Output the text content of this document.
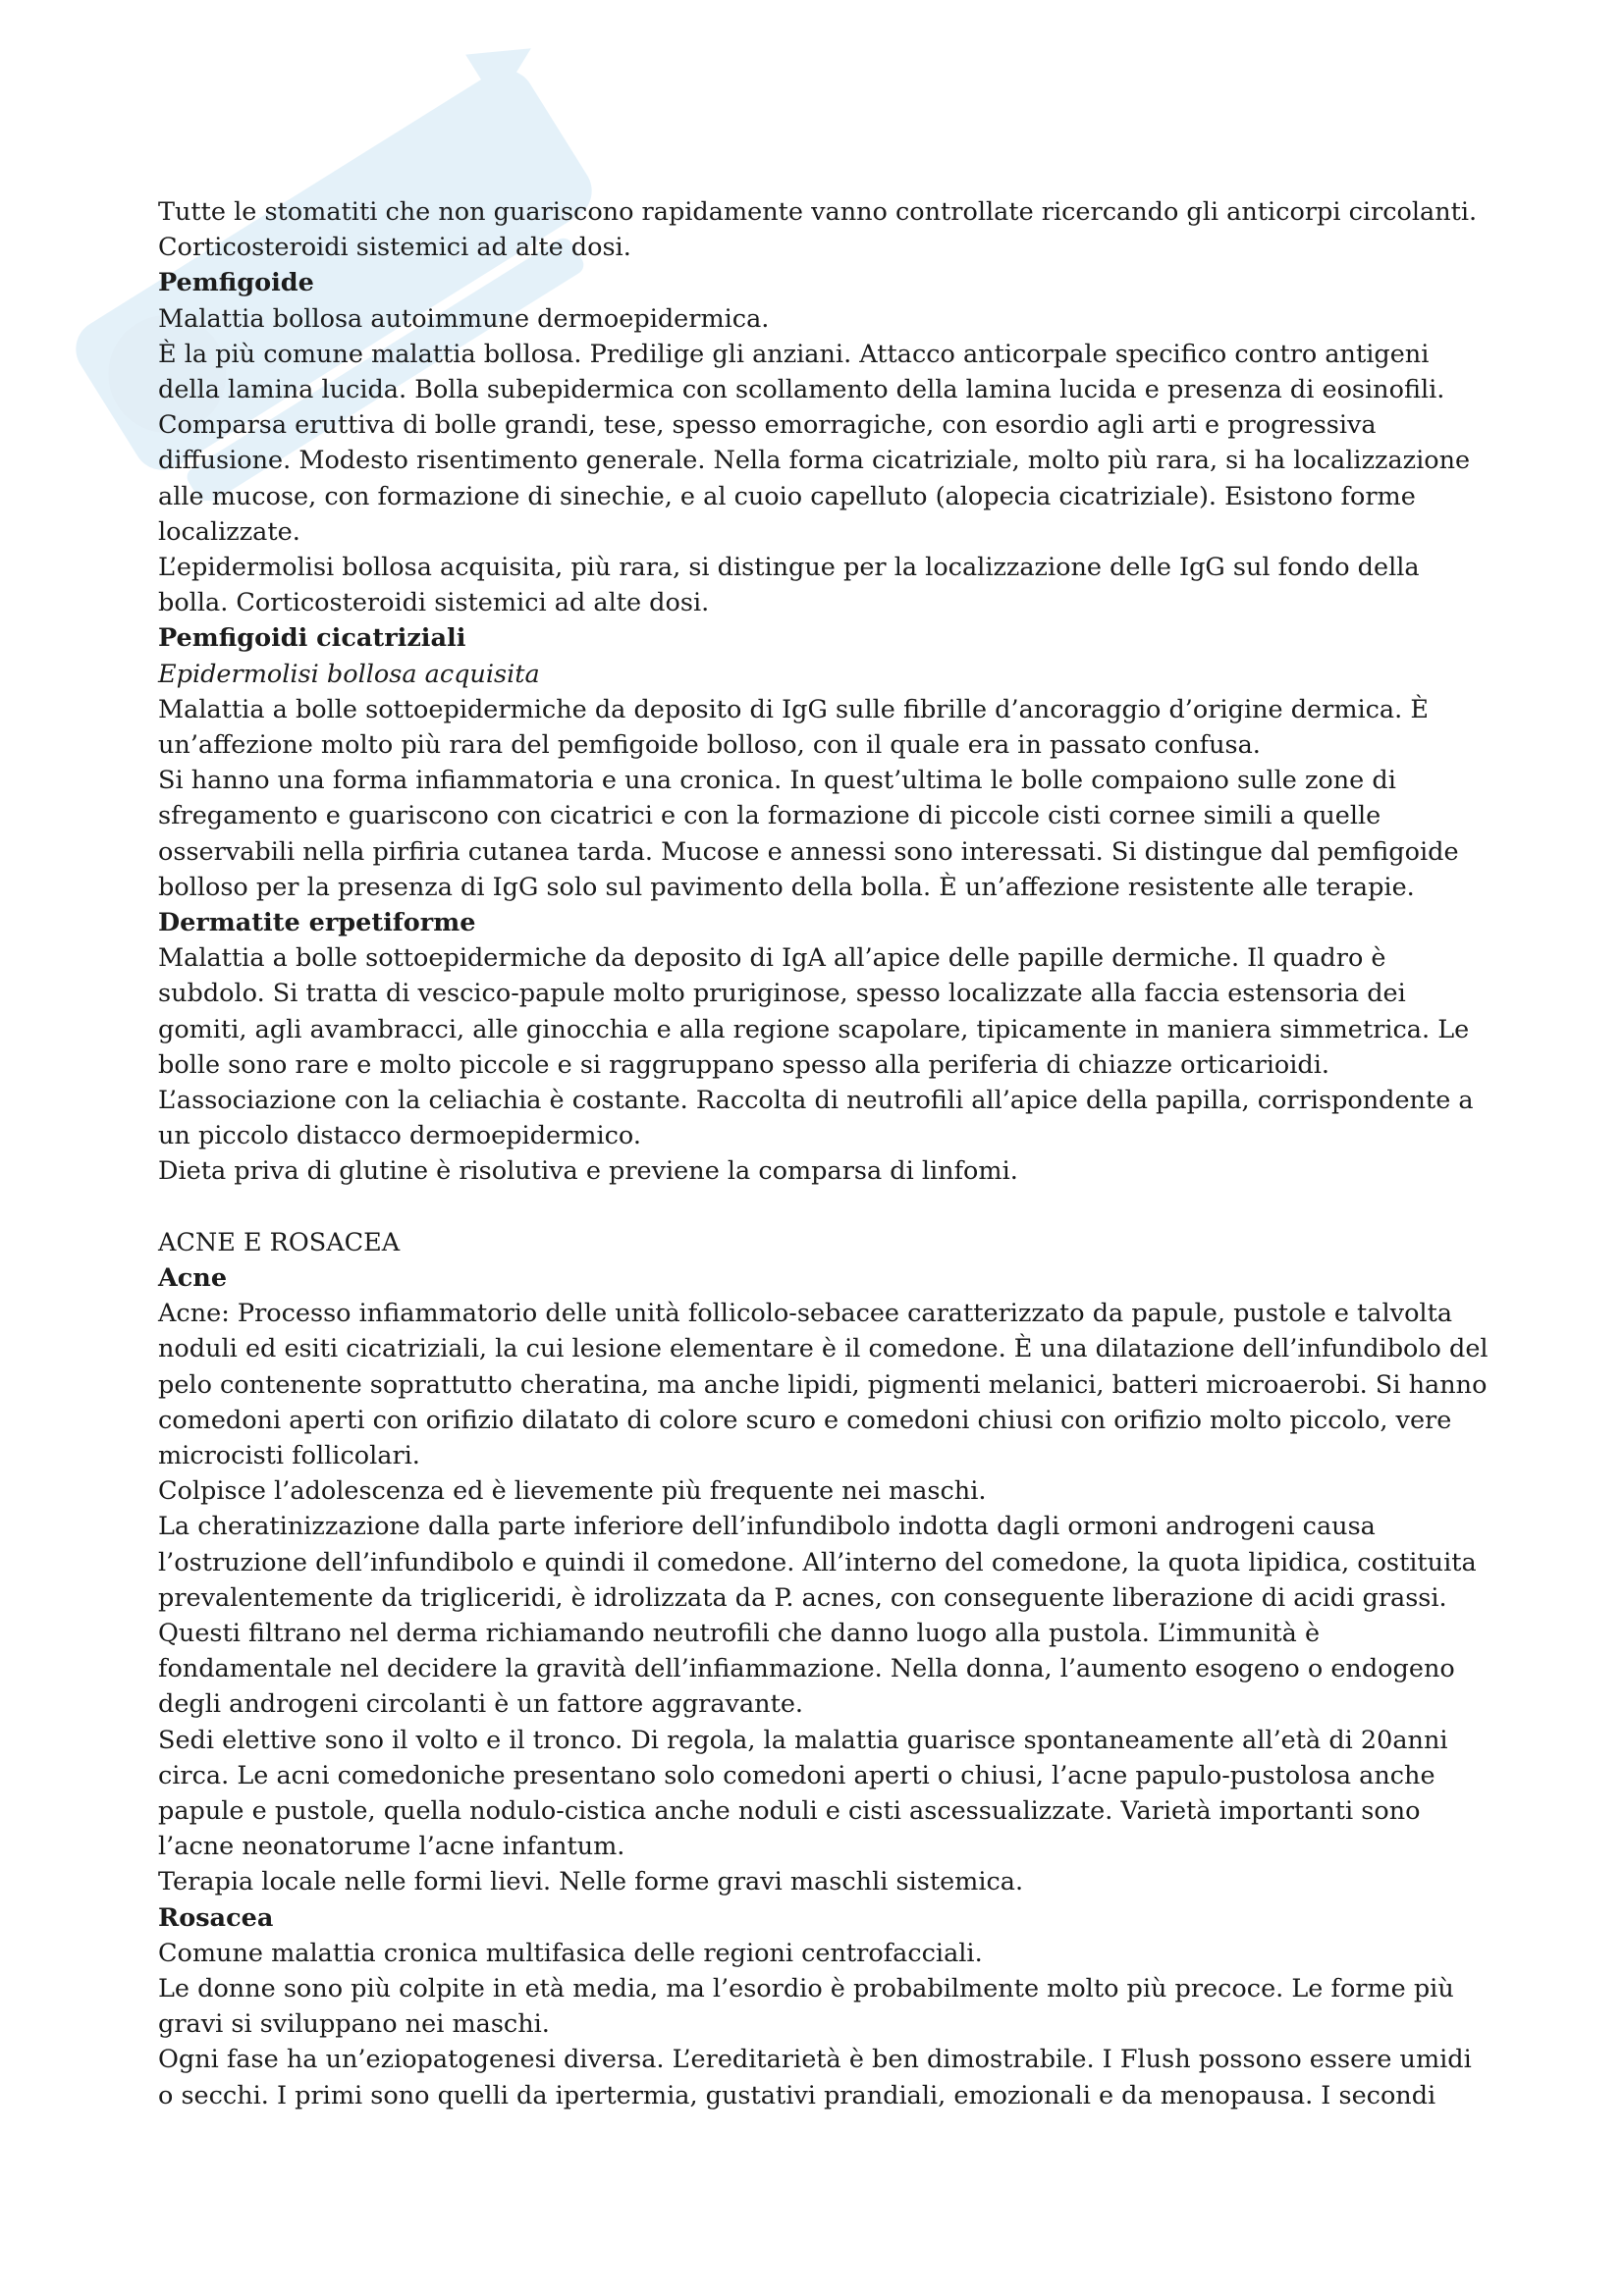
Tutte le stomatiti che non guariscono rapidamente vanno controllate ricercando gli anticorpi circolanti. Corticosteroidi sistemici ad alte dosi.

Pemfigoide

Malattia bollosa autoimmune dermoepidermica.

È la più comune malattia bollosa. Predilige gli anziani. Attacco anticorpale specifico contro antigeni della lamina lucida. Bolla subepidermica con scollamento della lamina lucida e presenza di eosinofili. Comparsa eruttiva di bolle grandi, tese, spesso emorragiche, con esordio agli arti e progressiva diffusione. Modesto risentimento generale. Nella forma cicatriziale, molto più rara, si ha localizzazione alle mucose, con formazione di sinechie, e al cuoio capelluto (alopecia cicatriziale). Esistono forme localizzate.

L’epidermolisi bollosa acquisita, più rara, si distingue per la localizzazione delle IgG sul fondo della bolla. Corticosteroidi sistemici ad alte dosi.

Pemfigoidi cicatriziali

Epidermolisi bollosa acquisita

Malattia a bolle sottoepidermiche da deposito di IgG sulle fibrille d’ancoraggio d’origine dermica. È un’affezione molto più rara del pemfigoide bolloso, con il quale era in passato confusa.

Si hanno una forma infiammatoria e una cronica. In quest’ultima le bolle compaiono sulle zone di sfregamento e guariscono con cicatrici e con la formazione di piccole cisti cornee simili a quelle osservabili nella pirfiria cutanea tarda. Mucose e annessi sono interessati. Si distingue dal pemfigoide bolloso per la presenza di IgG solo sul pavimento della bolla. È un’affezione resistente alle terapie.

Dermatite erpetiforme

Malattia a bolle sottoepidermiche da deposito di IgA all’apice delle papille dermiche. Il quadro è subdolo. Si tratta di vescico-papule molto pruriginose, spesso localizzate alla faccia estensoria dei gomiti, agli avambracci, alle ginocchia e alla regione scapolare, tipicamente in maniera simmetrica. Le bolle sono rare e molto piccole e si raggruppano spesso alla periferia di chiazze orticarioidi.

L’associazione con la celiachia è costante. Raccolta di neutrofili all’apice della papilla, corrispondente a un piccolo distacco dermoepidermico.

Dieta priva di glutine è risolutiva e previene la comparsa di linfomi.

ACNE E ROSACEA
Acne

Acne: Processo infiammatorio delle unità follicolo-sebacee caratterizzato da papule, pustole e talvolta noduli ed esiti cicatriziali, la cui lesione elementare è il comedone. È una dilatazione dell’infundibolo del pelo contenente soprattutto cheratina, ma anche lipidi, pigmenti melanici, batteri microaerobi. Si hanno comedoni aperti con orifizio dilatato di colore scuro e comedoni chiusi con orifizio molto piccolo, vere microcisti follicolari.

Colpisce l’adolescenza ed è lievemente più frequente nei maschi.

La cheratinizzazione dalla parte inferiore dell’infundibolo indotta dagli ormoni androgeni causa l’ostruzione dell’infundibolo e quindi il comedone. All’interno del comedone, la quota lipidica, costituita prevalentemente da trigliceridi, è idrolizzata da P. acnes, con conseguente liberazione di acidi grassi. Questi filtrano nel derma richiamando neutrofili che danno luogo alla pustola. L’immunità è fondamentale nel decidere la gravità dell’infiammazione. Nella donna, l’aumento esogeno o endogeno degli androgeni circolanti è un fattore aggravante.

Sedi elettive sono il volto e il tronco. Di regola, la malattia guarisce spontaneamente all’età di 20anni circa. Le acni comedoniche presentano solo comedoni aperti o chiusi, l’acne papulo-pustolosa anche papule e pustole, quella nodulo-cistica anche noduli e cisti ascessualizzate. Varietà importanti sono l’acne neonatorume l’acne infantum.

Terapia locale nelle formi lievi. Nelle forme gravi maschli sistemica.

Rosacea

Comune malattia cronica multifasica delle regioni centrofacciali.

Le donne sono più colpite in età media, ma l’esordio è probabilmente molto più precoce. Le forme più gravi si sviluppano nei maschi.

Ogni fase ha un’eziopatogenesi diversa. L’ereditarietà è ben dimostrabile. I Flush possono essere umidi o secchi. I primi sono quelli da ipertermia, gustativi prandiali, emozionali e da menopausa. I secondi
